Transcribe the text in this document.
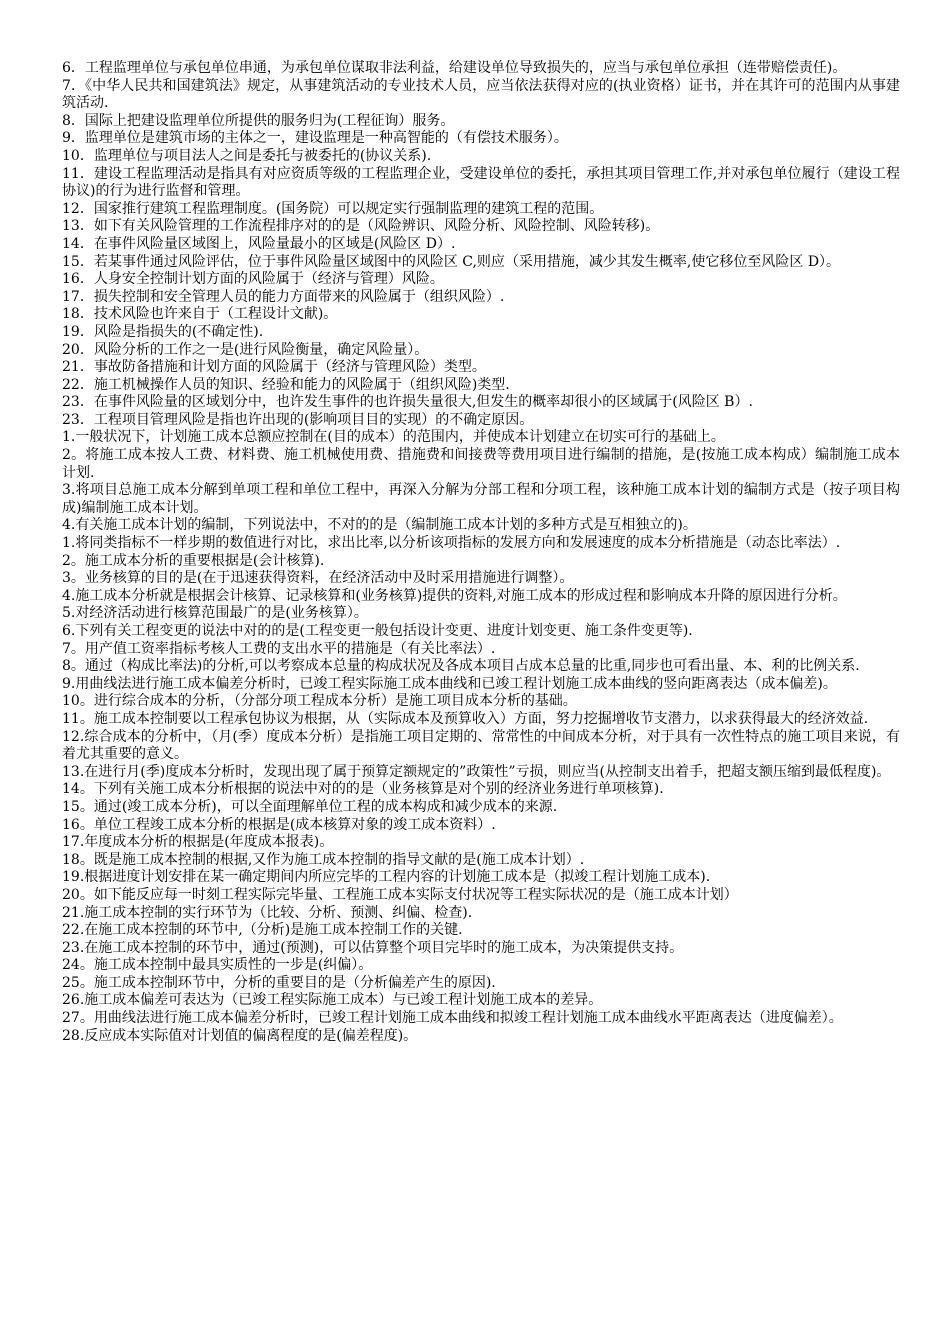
6．工程监理单位与承包单位串通，为承包单位谋取非法利益，给建设单位导致损失的，应当与承包单位承担（连带赔偿责任)。

7．《中华人民共和国建筑法》规定，从事建筑活动的专业技术人员，应当依法获得对应的(执业资格）证书，并在其许可的范围内从事建筑活动.

8．国际上把建设监理单位所提供的服务归为(工程征询）服务。

9．监理单位是建筑市场的主体之一，建设监理是一种高智能的（有偿技术服务）。

10．监理单位与项目法人之间是委托与被委托的(协议关系).

11．建设工程监理活动是指具有对应资质等级的工程监理企业，受建设单位的委托，承担其项目管理工作,并对承包单位履行（建设工程协议)的行为进行监督和管理。

12．国家推行建筑工程监理制度。(国务院）可以规定实行强制监理的建筑工程的范围。

13．如下有关风险管理的工作流程排序对的的是（风险辨识、风险分析、风险控制、风险转移)。

14．在事件风险量区域图上，风险量最小的区域是(风险区 D）.

15．若某事件通过风险评估，位于事件风险量区域图中的风险区 C,则应（采用措施，减少其发生概率,使它移位至风险区 D）。

16．人身安全控制计划方面的风险属于（经济与管理）风险。

17．损失控制和安全管理人员的能力方面带来的风险属于（组织风险）.

18．技术风险也许来自于（工程设计文献)。

19．风险是指损失的(不确定性).

20．风险分析的工作之一是(进行风险衡量，确定风险量）。

21．事故防备措施和计划方面的风险属于（经济与管理风险）类型。

22．施工机械操作人员的知识、经验和能力的风险属于（组织风险)类型.

23．在事件风险量的区域划分中，也许发生事件的也许损失量很大,但发生的概率却很小的区域属于(风险区 B）.

23．工程项目管理风险是指也许出现的(影响项目目的实现）的不确定原因。

1.一般状况下，计划施工成本总额应控制在(目的成本）的范围内，并使成本计划建立在切实可行的基础上。

2。将施工成本按人工费、材料费、施工机械使用费、措施费和间接费等费用项目进行编制的措施，是(按施工成本构成）编制施工成本计划.

3.将项目总施工成本分解到单项工程和单位工程中，再深入分解为分部工程和分项工程，该种施工成本计划的编制方式是（按子项目构成)编制施工成本计划。

4.有关施工成本计划的编制，下列说法中，不对的的是（编制施工成本计划的多种方式是互相独立的)。

1.将同类指标不一样步期的数值进行对比，求出比率,以分析该项指标的发展方向和发展速度的成本分析措施是（动态比率法）.

2。施工成本分析的重要根据是(会计核算).

3。业务核算的目的是(在于迅速获得资料，在经济活动中及时采用措施进行调整）。

4.施工成本分析就是根据会计核算、记录核算和(业务核算)提供的资料,对施工成本的形成过程和影响成本升降的原因进行分析。

5.对经济活动进行核算范围最广的是(业务核算）。

6.下列有关工程变更的说法中对的的是(工程变更一般包括设计变更、进度计划变更、施工条件变更等).

7。用产值工资率指标考核人工费的支出水平的措施是（有关比率法）.

8。通过（构成比率法)的分析,可以考察成本总量的构成状况及各成本项目占成本总量的比重,同步也可看出量、本、利的比例关系.

9.用曲线法进行施工成本偏差分析时，已竣工程实际施工成本曲线和已竣工程计划施工成本曲线的竖向距离表达（成本偏差)。

10。进行综合成本的分析，（分部分项工程成本分析）是施工项目成本分析的基础。

11。施工成本控制要以工程承包协议为根据，从（实际成本及预算收入）方面，努力挖掘增收节支潜力，以求获得最大的经济效益.

12.综合成本的分析中，（月(季）度成本分析）是指施工项目定期的、常常性的中间成本分析，对于具有一次性特点的施工项目来说，有着尤其重要的意义。

13.在进行月(季)度成本分析时，发现出现了属于预算定额规定的”政策性”亏损，则应当(从控制支出着手，把超支额压缩到最低程度)。

14。下列有关施工成本分析根据的说法中对的的是（业务核算是对个别的经济业务进行单项核算).

15。通过(竣工成本分析)，可以全面理解单位工程的成本构成和减少成本的来源.

16。单位工程竣工成本分析的根据是(成本核算对象的竣工成本资料）.

17.年度成本分析的根据是(年度成本报表)。

18。既是施工成本控制的根据,又作为施工成本控制的指导文献的是(施工成本计划）.

19.根据进度计划安排在某一确定期间内所应完毕的工程内容的计划施工成本是（拟竣工程计划施工成本).

20。如下能反应每一时刻工程实际完毕量、工程施工成本实际支付状况等工程实际状况的是（施工成本计划）

21.施工成本控制的实行环节为（比较、分析、预测、纠偏、检查).

22.在施工成本控制的环节中,（分析)是施工成本控制工作的关键.

23.在施工成本控制的环节中，通过(预测)，可以估算整个项目完毕时的施工成本，为决策提供支持。

24。施工成本控制中最具实质性的一步是(纠偏）。

25。施工成本控制环节中，分析的重要目的是（分析偏差产生的原因).

26.施工成本偏差可表达为（已竣工程实际施工成本）与已竣工程计划施工成本的差异。

27。用曲线法进行施工成本偏差分析时，已竣工程计划施工成本曲线和拟竣工程计划施工成本曲线水平距离表达（进度偏差）。

28.反应成本实际值对计划值的偏离程度的是(偏差程度)。
